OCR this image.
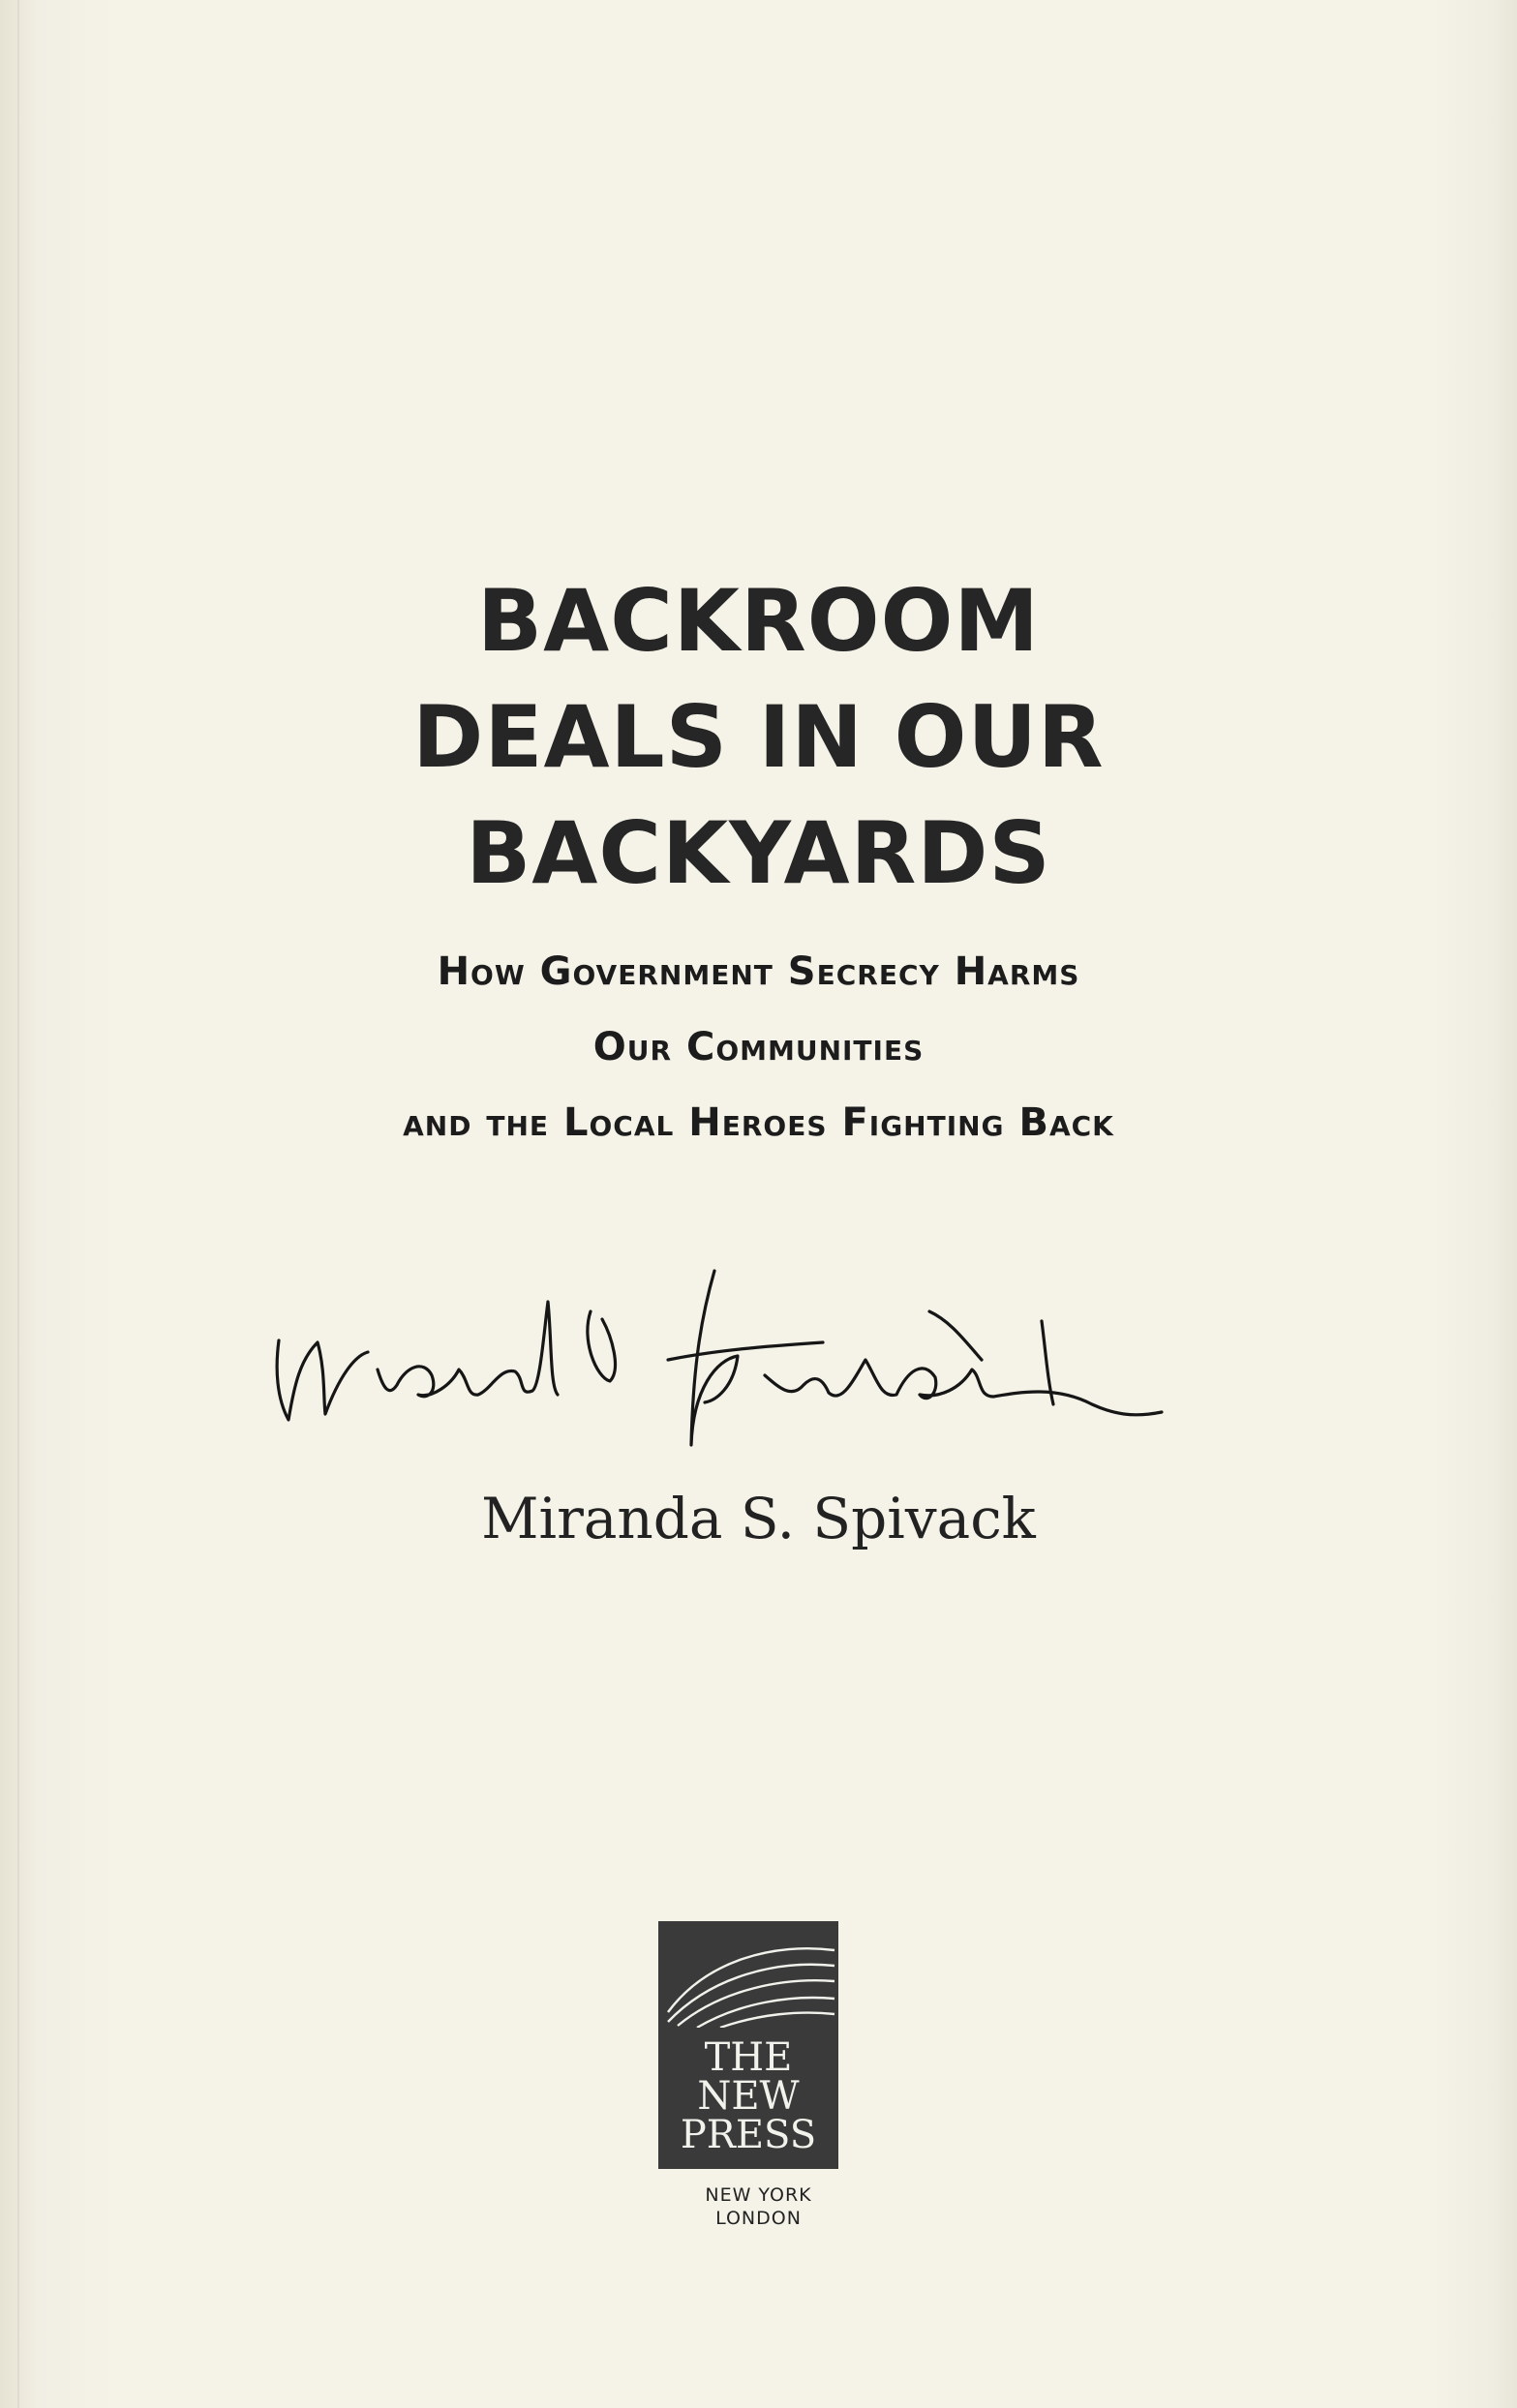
BACKROOM
DEALS IN OUR
BACKYARDS
How Government Secrecy Harms
Our Communities
and the Local Heroes Fighting Back
Miranda S. Spivack
Miranda S. Spivack
THE
NEW
PRESS
NEW YORK
LONDON
